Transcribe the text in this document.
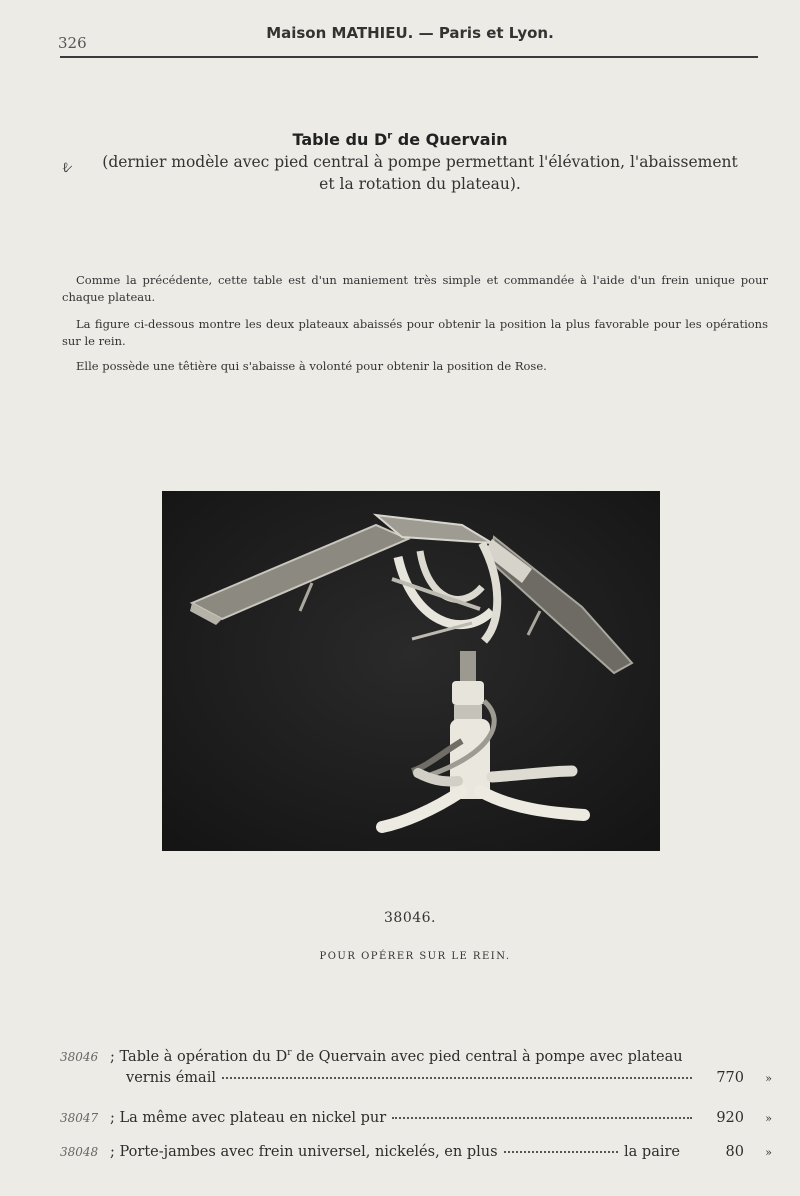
326
Maison MATHIEU. — Paris et Lyon.
Table du $D^r$ de Quervain
ℓ̷ (dernier modèle avec pied central à pompe permettant l'élévation, l'abaissement et la rotation du plateau).
Comme la précédente, cette table est d'un maniement très simple et commandée à l'aide d'un frein unique pour chaque plateau.
La figure ci-dessous montre les deux plateaux abaissés pour obtenir la position la plus favorable pour les opérations sur le rein.
Elle possède une têtière qui s'abaisse à volonté pour obtenir la position de Rose.
38046.
POUR OPÉRER SUR LE REIN.
38046 ; Table à opération du $D^r$ de Quervain avec pied central à pompe avec plateau
vernis émail	770	»
38047 ; La même avec plateau en nickel pur	920	»
38048 ; Porte-jambes avec frein universel, nickelés, en plus	la paire	80	»
